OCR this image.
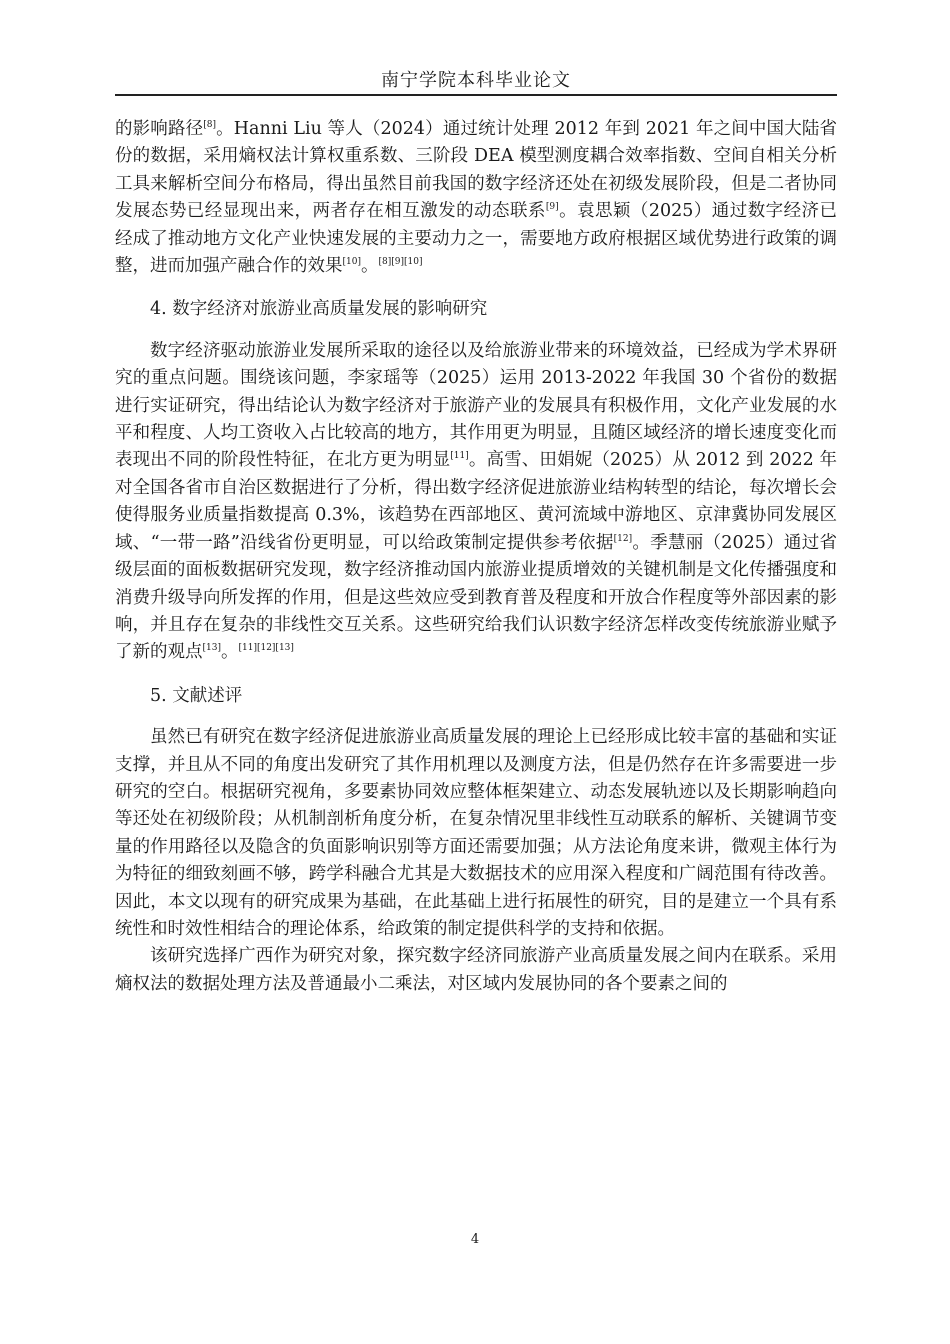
南宁学院本科毕业论文

的影响路径[8]。Hanni Liu 等人（2024）通过统计处理 2012 年到 2021 年之间中国大陆省份的数据，采用熵权法计算权重系数、三阶段 DEA 模型测度耦合效率指数、空间自相关分析工具来解析空间分布格局，得出虽然目前我国的数字经济还处在初级发展阶段，但是二者协同发展态势已经显现出来，两者存在相互激发的动态联系[9]。袁思颖（2025）通过数字经济已经成了推动地方文化产业快速发展的主要动力之一，需要地方政府根据区域优势进行政策的调整，进而加强产融合作的效果[10]。[8][9][10]

4. 数字经济对旅游业高质量发展的影响研究

数字经济驱动旅游业发展所采取的途径以及给旅游业带来的环境效益，已经成为学术界研究的重点问题。围绕该问题，李家瑶等（2025）运用 2013-2022 年我国 30 个省份的数据进行实证研究，得出结论认为数字经济对于旅游产业的发展具有积极作用，文化产业发展的水平和程度、人均工资收入占比较高的地方，其作用更为明显，且随区域经济的增长速度变化而表现出不同的阶段性特征，在北方更为明显[11]。高雪、田娟妮（2025）从 2012 到 2022 年对全国各省市自治区数据进行了分析，得出数字经济促进旅游业结构转型的结论，每次增长会使得服务业质量指数提高 0.3%，该趋势在西部地区、黄河流域中游地区、京津冀协同发展区域、“一带一路”沿线省份更明显，可以给政策制定提供参考依据[12]。季慧丽（2025）通过省级层面的面板数据研究发现，数字经济推动国内旅游业提质增效的关键机制是文化传播强度和消费升级导向所发挥的作用，但是这些效应受到教育普及程度和开放合作程度等外部因素的影响，并且存在复杂的非线性交互关系。这些研究给我们认识数字经济怎样改变传统旅游业赋予了新的观点[13]。[11][12][13]

5. 文献述评

虽然已有研究在数字经济促进旅游业高质量发展的理论上已经形成比较丰富的基础和实证支撑，并且从不同的角度出发研究了其作用机理以及测度方法，但是仍然存在许多需要进一步研究的空白。根据研究视角，多要素协同效应整体框架建立、动态发展轨迹以及长期影响趋向等还处在初级阶段；从机制剖析角度分析，在复杂情况里非线性互动联系的解析、关键调节变量的作用路径以及隐含的负面影响识别等方面还需要加强；从方法论角度来讲，微观主体行为为特征的细致刻画不够，跨学科融合尤其是大数据技术的应用深入程度和广阔范围有待改善。因此，本文以现有的研究成果为基础，在此基础上进行拓展性的研究，目的是建立一个具有系统性和时效性相结合的理论体系，给政策的制定提供科学的支持和依据。

该研究选择广西作为研究对象，探究数字经济同旅游产业高质量发展之间内在联系。采用熵权法的数据处理方法及普通最小二乘法，对区域内发展协同的各个要素之间的

4
